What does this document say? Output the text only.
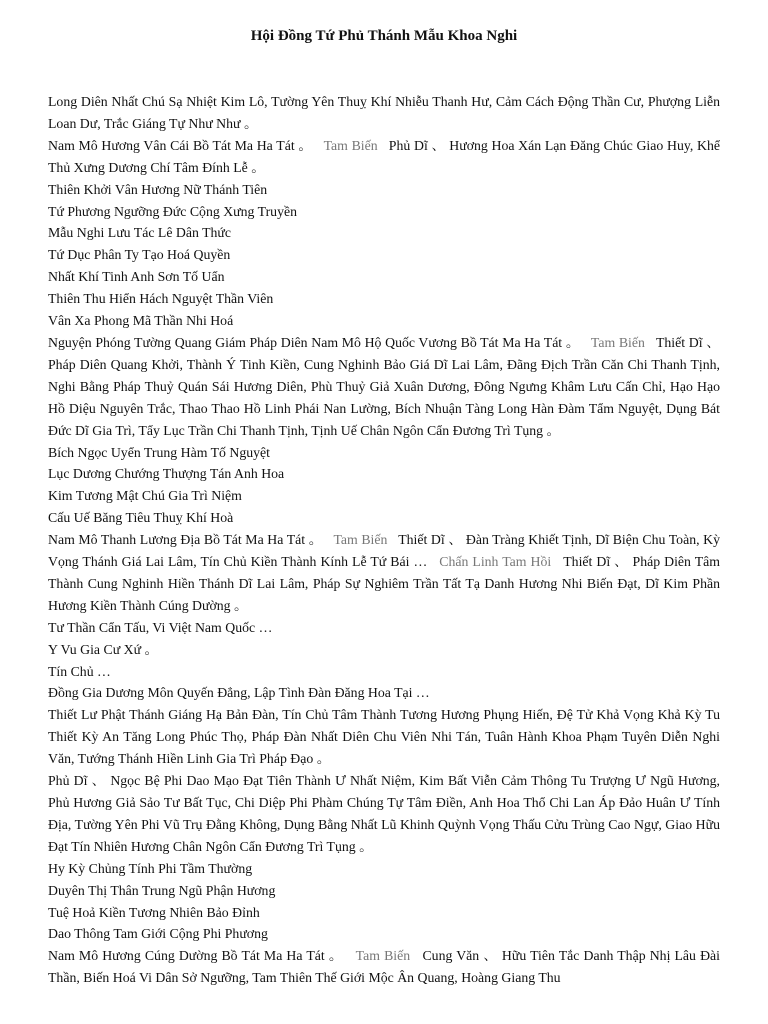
Hội Đồng Tứ Phủ Thánh Mẫu Khoa Nghi

Long Diên Nhất Chú Sạ Nhiệt Kim Lô, Tường Yên Thuỵ Khí Nhiễu Thanh Hư, Cảm Cách Động Thần Cư, Phượng Liễn Loan Dư, Trắc Giáng Tự Như Như 。

Nam Mô Hương Vân Cái Bồ Tát Ma Ha Tát 。 Tam Biến Phủ Dĩ 、 Hương Hoa Xán Lạn Đăng Chúc Giao Huy, Khể Thủ Xưng Dương Chí Tâm Đính Lễ 。

Thiên Khởi Vân Hương Nữ Thánh Tiên

Tứ Phương Ngưỡng Đức Cộng Xưng Truyền

Mẫu Nghi Lưu Tác Lê Dân Thức

Tứ Dục Phân Ty Tạo Hoá Quyền

Nhất Khí Tinh Anh Sơn Tố Uẩn

Thiên Thu Hiển Hách Nguyệt Thần Viên

Vân Xa Phong Mã Thần Nhi Hoá

Nguyện Phóng Tường Quang Giám Pháp Diên Nam Mô Hộ Quốc Vương Bồ Tát Ma Ha Tát 。 Tam Biến Thiết Dĩ 、 Pháp Diên Quang Khởi, Thành Ý Tinh Kiền, Cung Nghinh Bảo Giá Dĩ Lai Lâm, Đãng Địch Trần Căn Chi Thanh Tịnh, Nghi Bằng Pháp Thuỷ Quán Sái Hương Diên, Phù Thuỷ Giả Xuân Dương, Đông Ngưng Khâm Lưu Cấn Chỉ, Hạo Hạo Hồ Diệu Nguyên Trắc, Thao Thao Hồ Linh Phái Nan Lường, Bích Nhuận Tàng Long Hàn Đàm Tẩm Nguyệt, Dụng Bát Đức Dĩ Gia Trì, Tẩy Lục Trần Chi Thanh Tịnh, Tịnh Uế Chân Ngôn Cẩn Đương Trì Tụng 。

Bích Ngọc Uyển Trung Hàm Tố Nguyệt

Lục Dương Chướng Thượng Tán Anh Hoa

Kim Tương Mật Chú Gia Trì Niệm

Cấu Uế Băng Tiêu Thuỵ Khí Hoà

Nam Mô Thanh Lương Địa Bồ Tát Ma Ha Tát 。 Tam Biến Thiết Dĩ 、 Đàn Tràng Khiết Tịnh, Dĩ Biện Chu Toàn, Kỳ Vọng Thánh Giá Lai Lâm, Tín Chủ Kiền Thành Kính Lễ Tứ Bái … Chấn Linh Tam Hồi Thiết Dĩ 、 Pháp Diên Tâm Thành Cung Nghinh Hiền Thánh Dĩ Lai Lâm, Pháp Sự Nghiêm Trần Tất Tạ Danh Hương Nhi Biến Đạt, Dĩ Kim Phần Hương Kiền Thành Cúng Dường 。

Tư Thần Cẩn Tấu, Vi Việt Nam Quốc …

Y Vu Gia Cư Xứ 。

Tín Chủ …

Đồng Gia Dương Môn Quyến Đẳng, Lập Tình Đàn Đăng Hoa Tại …

Thiết Lư Phật Thánh Giáng Hạ Bản Đàn, Tín Chủ Tâm Thành Tương Hương Phụng Hiến, Đệ Tử Khả Vọng Khả Kỳ Tu Thiết Kỳ An Tăng Long Phúc Thọ, Pháp Đàn Nhất Diên Chu Viên Nhi Tán, Tuân Hành Khoa Phạm Tuyên Diễn Nghi Văn, Tướng Thánh Hiền Linh Gia Trì Pháp Đạo 。

Phủ Dĩ 、 Ngọc Bệ Phi Dao Mạo Đạt Tiên Thành Ư Nhất Niệm, Kim Bất Viễn Cảm Thông Tu Trượng Ư Ngũ Hương, Phủ Hương Giả Sảo Tư Bất Tục, Chi Diệp Phi Phàm Chúng Tự Tâm Điền, Anh Hoa Thổ Chi Lan Áp Đảo Huân Ư Tính Địa, Tường Yên Phi Vũ Trụ Đằng Không, Dụng Bằng Nhất Lũ Khinh Quỳnh Vọng Thấu Cửu Trùng Cao Ngự, Giao Hữu Đạt Tín Nhiên Hương Chân Ngôn Cẩn Đương Trì Tụng 。

Hy Kỳ Chủng Tính Phi Tầm Thường

Duyên Thị Thân Trung Ngũ Phận Hương

Tuệ Hoả Kiền Tương Nhiên Bảo Đỉnh

Dao Thông Tam Giới Cộng Phi Phương

Nam Mô Hương Cúng Dường Bồ Tát Ma Ha Tát 。 Tam Biến Cung Văn 、 Hữu Tiên Tắc Danh Thập Nhị Lâu Đài Thần, Biến Hoá Vi Dân Sở Ngưỡng, Tam Thiên Thế Giới Mộc Ân Quang, Hoàng Giang Thu
